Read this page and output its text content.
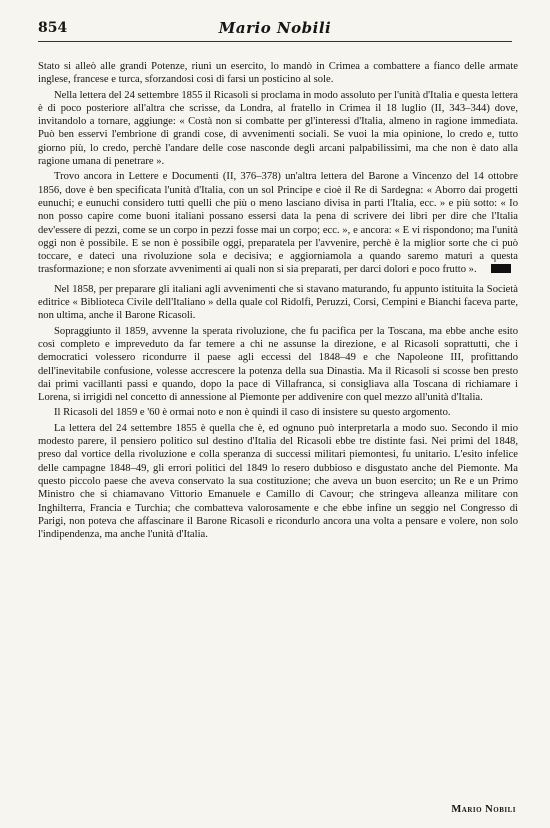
854	Mario Nobili

Stato si alleò alle grandi Potenze, riunì un esercito, lo mandò in Crimea a combattere a fianco delle armate inglese, francese e turca, sforzandosi così di farsi un posticino al sole.

Nella lettera del 24 settembre 1855 il Ricasoli si proclama in modo assoluto per l'unità d'Italia e questa lettera è di poco posteriore all'altra che scrisse, da Londra, al fratello in Crimea il 18 luglio (II, 343–344) dove, invitandolo a tornare, aggiunge: « Costà non si combatte per gl'interessi d'Italia, almeno in ragione immediata. Può ben esservi l'embrione di grandi cose, di avvenimenti sociali. Se vuoi la mia opinione, lo credo e, tutto giorno più, lo credo, perchè l'andare delle cose nasconde degli arcani palpabilissimi, ma che non è dato alla ragione umana di penetrare ».

Trovo ancora in Lettere e Documenti (II, 376–378) un'altra lettera del Barone a Vincenzo del 14 ottobre 1856, dove è ben specificata l'unità d'Italia, con un sol Principe e cioè il Re di Sardegna: « Aborro dai progetti eunuchi; e eunuchi considero tutti quelli che più o meno lasciano divisa in parti l'Italia, ecc. » e più sotto: « Io non posso capire come buoni italiani possano essersi data la pena di scrivere dei libri per dire che l'Italia dev'essere di pezzi, come se un corpo in pezzi fosse mai un corpo; ecc. », e ancora: « E vi rispondono; ma l'unità oggi non è possibile. E se non è possibile oggi, preparatela per l'avvenire, perchè è la miglior sorte che ci può toccare, e dateci una rivoluzione sola e decisiva; e aggiorniamola a quando saremo maturi a questa trasformazione; e non sforzate avvenimenti ai quali non si sia preparati, per darci dolori e poco frutto ».

Nel 1858, per preparare gli italiani agli avvenimenti che si stavano maturando, fu appunto istituita la Società editrice « Biblioteca Civile dell'Italiano » della quale col Ridolfi, Peruzzi, Corsi, Cempini e Bianchi faceva parte, non ultima, anche il Barone Ricasoli.

Sopraggiunto il 1859, avvenne la sperata rivoluzione, che fu pacifica per la Toscana, ma ebbe anche esito così completo e impreveduto da far temere a chi ne assunse la direzione, e al Ricasoli soprattutti, che i democratici volessero ricondurre il paese agli eccessi del 1848–49 e che Napoleone III, profittando dell'inevitabile confusione, volesse accrescere la potenza della sua Dinastia. Ma il Ricasoli si scosse ben presto dai primi vacillanti passi e quando, dopo la pace di Villafranca, si consigliava alla Toscana di richiamare i Lorena, si irrigidì nel concetto di annessione al Piemonte per addivenire con quel mezzo all'unità d'Italia.

Il Ricasoli del 1859 e '60 è ormai noto e non è quindi il caso di insistere su questo argomento.

La lettera del 24 settembre 1855 è quella che è, ed ognuno può interpretarla a modo suo. Secondo il mio modesto parere, il pensiero politico sul destino d'Italia del Ricasoli ebbe tre distinte fasi. Nei primi del 1848, preso dal vortice della rivoluzione e colla speranza di successi militari piemontesi, fu unitario. L'esito infelice delle campagne 1848–49, gli errori politici del 1849 lo resero dubbioso e disgustato anche del Piemonte. Ma questo piccolo paese che aveva conservato la sua costituzione; che aveva un buon esercito; un Re e un Primo Ministro che si chiamavano Vittorio Emanuele e Camillo di Cavour; che stringeva alleanza militare con Inghilterra, Francia e Turchia; che combatteva valorosamente e che ebbe infine un seggio nel Congresso di Parigi, non poteva che affascinare il Barone Ricasoli e ricondurlo ancora una volta a pensare e volere, non solo l'indipendenza, ma anche l'unità d'Italia.

Mario Nobili
